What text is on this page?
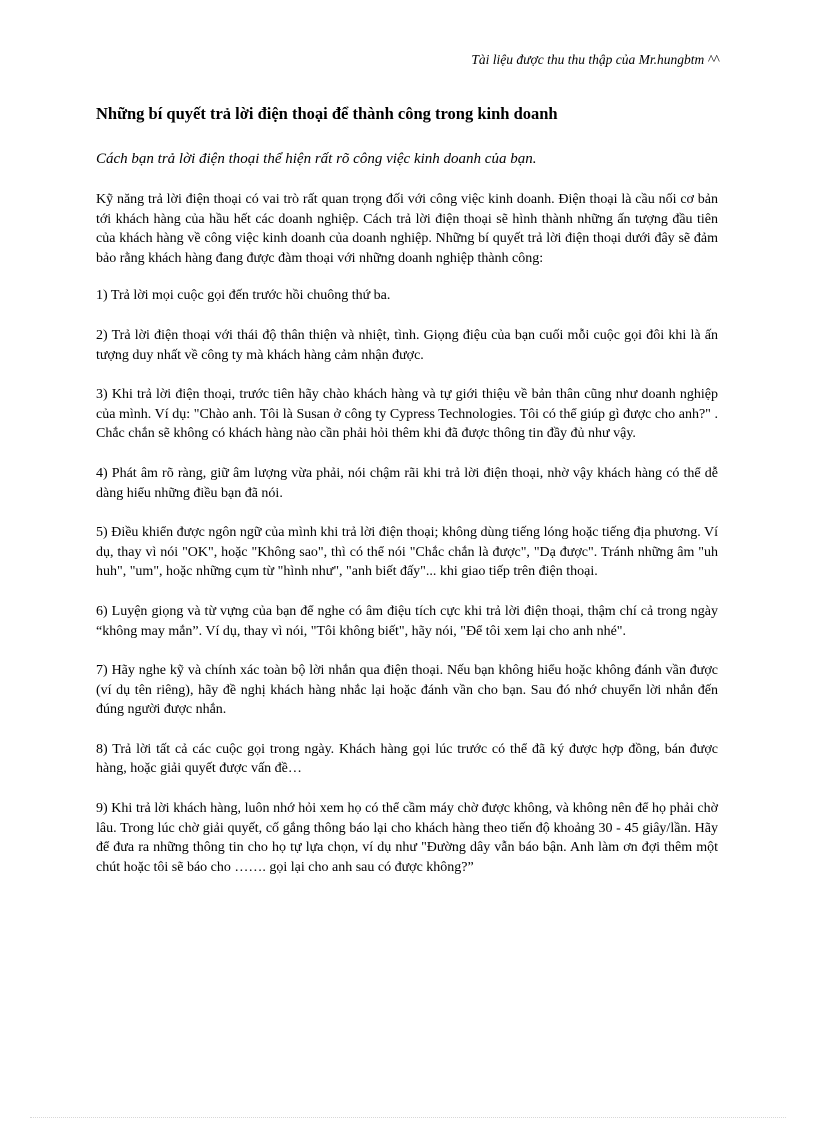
Tài liệu được thu thu thập của Mr.hungbtm ^^
Những bí quyết trả lời điện thoại để thành công trong kinh doanh

Cách bạn trả lời điện thoại thể hiện rất rõ công việc kinh doanh của bạn.

Kỹ năng trả lời điện thoại có vai trò rất quan trọng đối với công việc kinh doanh. Điện thoại là cầu nối cơ bản tới khách hàng của hầu hết các doanh nghiệp. Cách trả lời điện thoại sẽ hình thành những ấn tượng đầu tiên của khách hàng về công việc kinh doanh của doanh nghiệp. Những bí quyết trả lời điện thoại dưới đây sẽ đảm bảo rằng khách hàng đang được đàm thoại với những doanh nghiệp thành công:

1) Trả lời mọi cuộc gọi đến trước hồi chuông thứ ba.

2) Trả lời điện thoại với thái độ thân thiện và nhiệt, tình. Giọng điệu của bạn cuối mỗi cuộc gọi đôi khi là ấn tượng duy nhất về công ty mà khách hàng cảm nhận được.

3) Khi trả lời điện thoại, trước tiên hãy chào khách hàng và tự giới thiệu về bản thân cũng như doanh nghiệp của mình. Ví dụ: "Chào anh. Tôi là Susan ở công ty Cypress Technologies. Tôi có thể giúp gì được cho anh?" . Chắc chắn sẽ không có khách hàng nào cần phải hỏi thêm khi đã được thông tin đầy đủ như vậy.

4) Phát âm rõ ràng, giữ âm lượng vừa phải, nói chậm rãi khi trả lời điện thoại, nhờ vậy khách hàng có thể dễ dàng hiểu những điều bạn đã nói.

5) Điều khiển được ngôn ngữ của mình khi trả lời điện thoại; không dùng tiếng lóng hoặc tiếng địa phương. Ví dụ, thay vì nói "OK", hoặc "Không sao", thì có thể nói "Chắc chắn là được", "Dạ được". Tránh những âm "uh huh", "um", hoặc những cụm từ "hình như", "anh biết đấy"... khi giao tiếp trên điện thoại.

6) Luyện giọng và từ vựng của bạn để nghe có âm điệu tích cực khi trả lời điện thoại, thậm chí cả trong ngày “không may mắn”. Ví dụ, thay vì nói, "Tôi không biết", hãy nói, "Để tôi xem lại cho anh nhé".

7) Hãy nghe kỹ và chính xác toàn bộ lời nhắn qua điện thoại. Nếu bạn không hiểu hoặc không đánh vần được (ví dụ tên riêng), hãy đề nghị khách hàng nhắc lại hoặc đánh vần cho bạn. Sau đó nhớ chuyển lời nhắn đến đúng người được nhắn.

8) Trả lời tất cả các cuộc gọi trong ngày. Khách hàng gọi lúc trước có thể đã ký được hợp đồng, bán được hàng, hoặc giải quyết được vấn đề…

9) Khi trả lời khách hàng, luôn nhớ hỏi xem họ có thể cầm máy chờ được không, và không nên để họ phải chờ lâu. Trong lúc chờ giải quyết, cố gắng thông báo lại cho khách hàng theo tiến độ khoảng 30 - 45 giây/lần. Hãy để đưa ra những thông tin cho họ tự lựa chọn, ví dụ như "Đường dây vẫn báo bận. Anh làm ơn đợi thêm một chút hoặc tôi sẽ báo cho ……. gọi lại cho anh sau có được không?”
